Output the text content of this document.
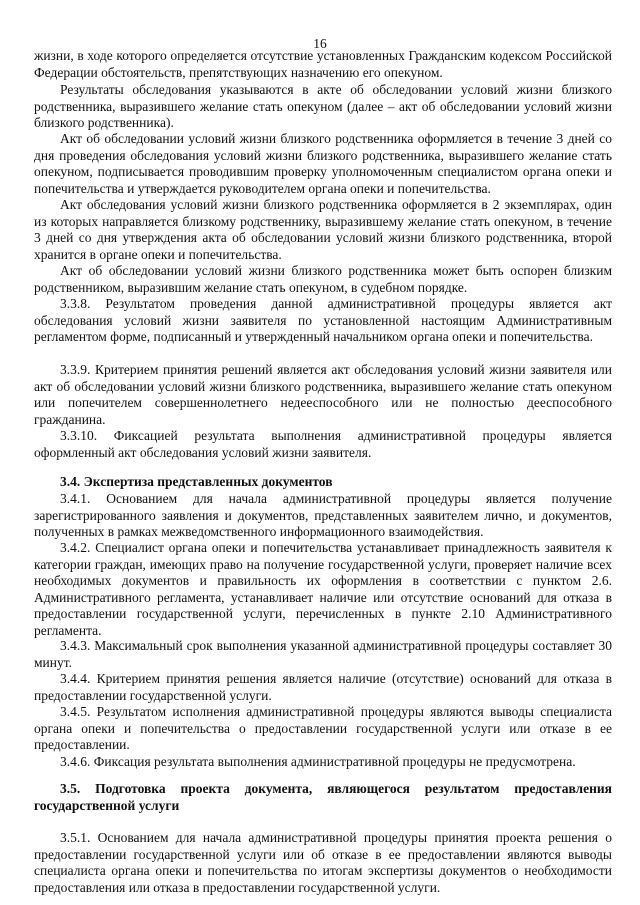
16

жизни, в ходе которого определяется отсутствие установленных Гражданским кодексом Российской Федерации обстоятельств, препятствующих назначению его опекуном.

Результаты обследования указываются в акте об обследовании условий жизни близкого родственника, выразившего желание стать опекуном (далее – акт об обследовании условий жизни близкого родственника).

Акт об обследовании условий жизни близкого родственника оформляется в течение 3 дней со дня проведения обследования условий жизни близкого родственника, выразившего желание стать опекуном, подписывается проводившим проверку уполномоченным специалистом органа опеки и попечительства и утверждается руководителем органа опеки и попечительства.

Акт обследования условий жизни близкого родственника оформляется в 2 экземплярах, один из которых направляется близкому родственнику, выразившему желание стать опекуном, в течение 3 дней со дня утверждения акта об обследовании условий жизни близкого родственника, второй хранится в органе опеки и попечительства.

Акт об обследовании условий жизни близкого родственника может быть оспорен близким родственником, выразившим желание стать опекуном, в судебном порядке.

3.3.8. Результатом проведения данной административной процедуры является акт обследования условий жизни заявителя по установленной настоящим Административным регламентом форме, подписанный и утвержденный начальником органа опеки и попечительства.

3.3.9. Критерием принятия решений является акт обследования условий жизни заявителя или акт об обследовании условий жизни близкого родственника, выразившего желание стать опекуном или попечителем совершеннолетнего недееспособного или не полностью дееспособного гражданина.

3.3.10. Фиксацией результата выполнения административной процедуры является оформленный акт обследования условий жизни заявителя.

3.4. Экспертиза представленных документов

3.4.1. Основанием для начала административной процедуры является получение зарегистрированного заявления и документов, представленных заявителем лично, и документов, полученных в рамках межведомственного информационного взаимодействия.

3.4.2. Специалист органа опеки и попечительства устанавливает принадлежность заявителя к категории граждан, имеющих право на получение государственной услуги, проверяет наличие всех необходимых документов и правильность их оформления в соответствии с пунктом 2.6. Административного регламента, устанавливает наличие или отсутствие оснований для отказа в предоставлении государственной услуги, перечисленных в пункте 2.10 Административного регламента.

3.4.3. Максимальный срок выполнения указанной административной процедуры составляет 30 минут.

3.4.4. Критерием принятия решения является наличие (отсутствие) оснований для отказа в предоставлении государственной услуги.

3.4.5. Результатом исполнения административной процедуры являются выводы специалиста органа опеки и попечительства о предоставлении государственной услуги или отказе в ее предоставлении.

3.4.6. Фиксация результата выполнения административной процедуры не предусмотрена.

3.5. Подготовка проекта документа, являющегося результатом предоставления государственной услуги

3.5.1. Основанием для начала административной процедуры принятия проекта решения о предоставлении государственной услуги или об отказе в ее предоставлении являются выводы специалиста органа опеки и попечительства по итогам экспертизы документов о необходимости предоставления или отказа в предоставлении государственной услуги.
